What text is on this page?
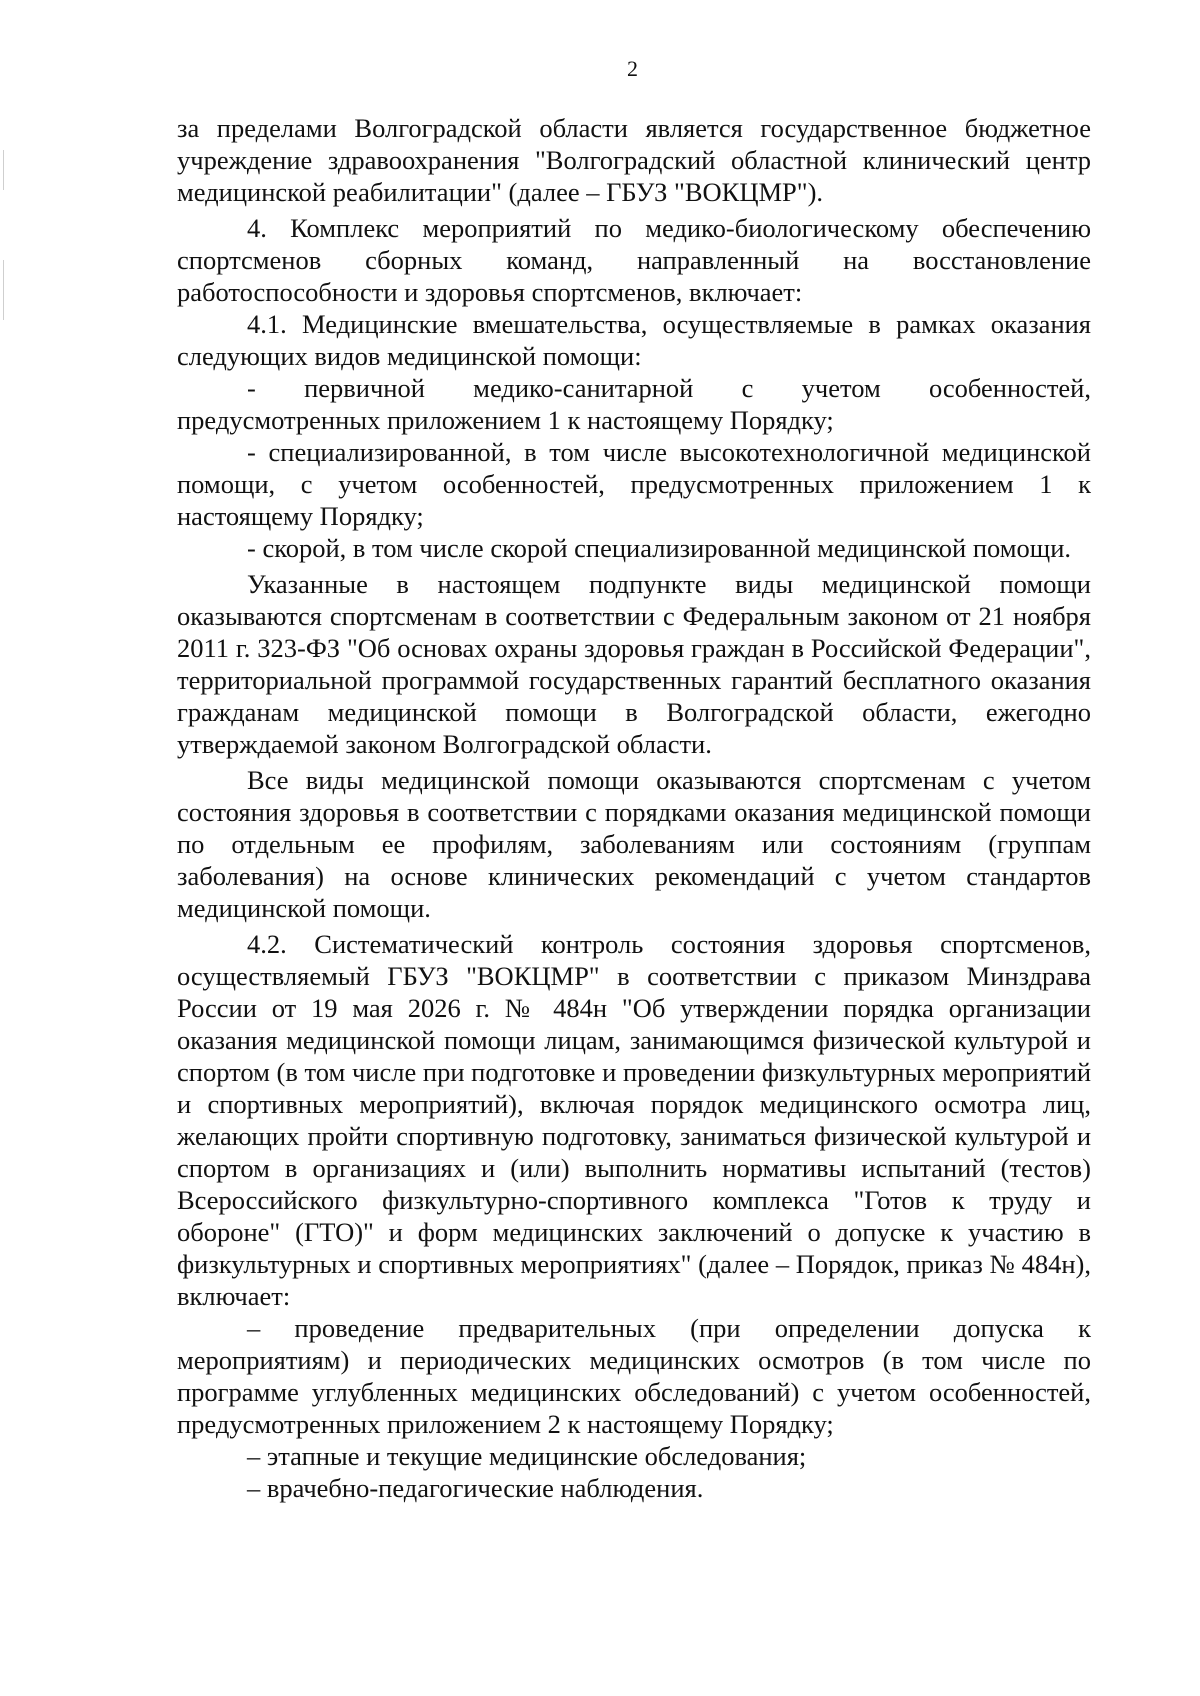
2

за пределами Волгоградской области является государственное бюджетное учреждение здравоохранения "Волгоградский областной клинический центр медицинской реабилитации" (далее – ГБУЗ "ВОКЦМР").

4. Комплекс мероприятий по медико-биологическому обеспечению спортсменов сборных команд, направленный на восстановление работоспособности и здоровья спортсменов, включает:

4.1. Медицинские вмешательства, осуществляемые в рамках оказания следующих видов медицинской помощи:

- первичной медико-санитарной с учетом особенностей, предусмотренных приложением 1 к настоящему Порядку;

- специализированной, в том числе высокотехнологичной медицинской помощи, с учетом особенностей, предусмотренных приложением 1 к настоящему Порядку;

- скорой, в том числе скорой специализированной медицинской помощи.

Указанные в настоящем подпункте виды медицинской помощи оказываются спортсменам в соответствии с Федеральным законом от 21 ноября 2011 г. 323-ФЗ "Об основах охраны здоровья граждан в Российской Федерации", территориальной программой государственных гарантий бесплатного оказания гражданам медицинской помощи в Волгоградской области, ежегодно утверждаемой законом Волгоградской области.

Все виды медицинской помощи оказываются спортсменам с учетом состояния здоровья в соответствии с порядками оказания медицинской помощи по отдельным ее профилям, заболеваниям или состояниям (группам заболевания) на основе клинических рекомендаций с учетом стандартов медицинской помощи.

4.2. Систематический контроль состояния здоровья спортсменов, осуществляемый ГБУЗ "ВОКЦМР" в соответствии с приказом Минздрава России от 19 мая 2026 г. № 484н "Об утверждении порядка организации оказания медицинской помощи лицам, занимающимся физической культурой и спортом (в том числе при подготовке и проведении физкультурных мероприятий и спортивных мероприятий), включая порядок медицинского осмотра лиц, желающих пройти спортивную подготовку, заниматься физической культурой и спортом в организациях и (или) выполнить нормативы испытаний (тестов) Всероссийского физкультурно-спортивного комплекса "Готов к труду и обороне" (ГТО)" и форм медицинских заключений о допуске к участию в физкультурных и спортивных мероприятиях" (далее – Порядок, приказ № 484н), включает:

– проведение предварительных (при определении допуска к мероприятиям) и периодических медицинских осмотров (в том числе по программе углубленных медицинских обследований) с учетом особенностей, предусмотренных приложением 2 к настоящему Порядку;

– этапные и текущие медицинские обследования;

– врачебно-педагогические наблюдения.
